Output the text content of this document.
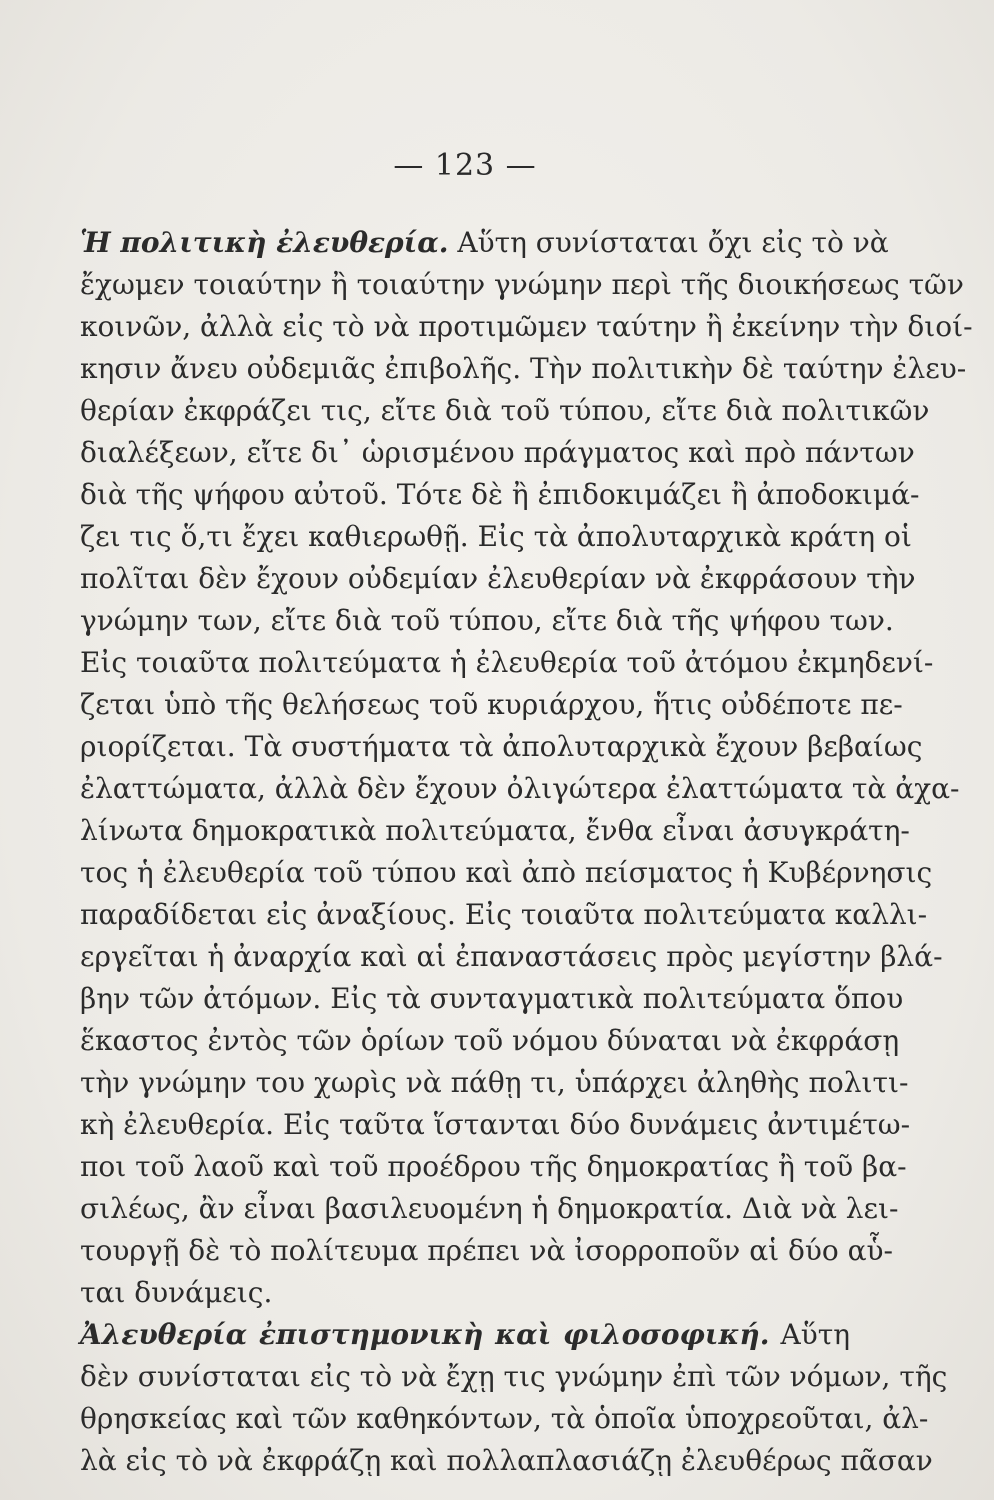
— 123 —
Ἡ πολιτικὴ ἐλευθερία. Αὕτη συνίσταται ὄχι εἰς τὸ νὰ
ἔχωμεν τοιαύτην ἢ τοιαύτην γνώμην περὶ τῆς διοικήσεως τῶν
κοινῶν, ἀλλὰ εἰς τὸ νὰ προτιμῶμεν ταύτην ἢ ἐκείνην τὴν διοί-
κησιν ἄνευ οὐδεμιᾶς ἐπιβολῆς. Τὴν πολιτικὴν δὲ ταύτην ἐλευ-
θερίαν ἐκφράζει τις, εἴτε διὰ τοῦ τύπου, εἴτε διὰ πολιτικῶν
διαλέξεων, εἴτε δι᾽ ὡρισμένου πράγματος καὶ πρὸ πάντων
διὰ τῆς ψήφου αὐτοῦ. Τότε δὲ ἢ ἐπιδοκιμάζει ἢ ἀποδοκιμά-
ζει τις ὅ,τι ἔχει καθιερωθῇ. Εἰς τὰ ἀπολυταρχικὰ κράτη οἱ
πολῖται δὲν ἔχουν οὐδεμίαν ἐλευθερίαν νὰ ἐκφράσουν τὴν
γνώμην των, εἴτε διὰ τοῦ τύπου, εἴτε διὰ τῆς ψήφου των.
Εἰς τοιαῦτα πολιτεύματα ἡ ἐλευθερία τοῦ ἀτόμου ἐκμηδενί-
ζεται ὑπὸ τῆς θελήσεως τοῦ κυριάρχου, ἥτις οὐδέποτε πε-
ριορίζεται. Τὰ συστήματα τὰ ἀπολυταρχικὰ ἔχουν βεβαίως
ἐλαττώματα, ἀλλὰ δὲν ἔχουν ὀλιγώτερα ἐλαττώματα τὰ ἀχα-
λίνωτα δημοκρατικὰ πολιτεύματα, ἔνθα εἶναι ἀσυγκράτη-
τος ἡ ἐλευθερία τοῦ τύπου καὶ ἀπὸ πείσματος ἡ Κυβέρνησις
παραδίδεται εἰς ἀναξίους. Εἰς τοιαῦτα πολιτεύματα καλλι-
εργεῖται ἡ ἀναρχία καὶ αἱ ἐπαναστάσεις πρὸς μεγίστην βλά-
βην τῶν ἀτόμων. Εἰς τὰ συνταγματικὰ πολιτεύματα ὅπου
ἕκαστος ἐντὸς τῶν ὁρίων τοῦ νόμου δύναται νὰ ἐκφράσῃ
τὴν γνώμην του χωρὶς νὰ πάθῃ τι, ὑπάρχει ἀληθὴς πολιτι-
κὴ ἐλευθερία. Εἰς ταῦτα ἵστανται δύο δυνάμεις ἀντιμέτω-
ποι τοῦ λαοῦ καὶ τοῦ προέδρου τῆς δημοκρατίας ἢ τοῦ βα-
σιλέως, ἂν εἶναι βασιλευομένη ἡ δημοκρατία. Διὰ νὰ λει-
τουργῇ δὲ τὸ πολίτευμα πρέπει νὰ ἰσορροποῦν αἱ δύο αὗ-
ται δυνάμεις.
Ἀλευθερία ἐπιστημονικὴ καὶ φιλοσοφική. Αὕτη
δὲν συνίσταται εἰς τὸ νὰ ἔχῃ τις γνώμην ἐπὶ τῶν νόμων, τῆς
θρησκείας καὶ τῶν καθηκόντων, τὰ ὁποῖα ὑποχρεοῦται, ἀλ-
λὰ εἰς τὸ νὰ ἐκφράζῃ καὶ πολλαπλασιάζῃ ἐλευθέρως πᾶσαν
